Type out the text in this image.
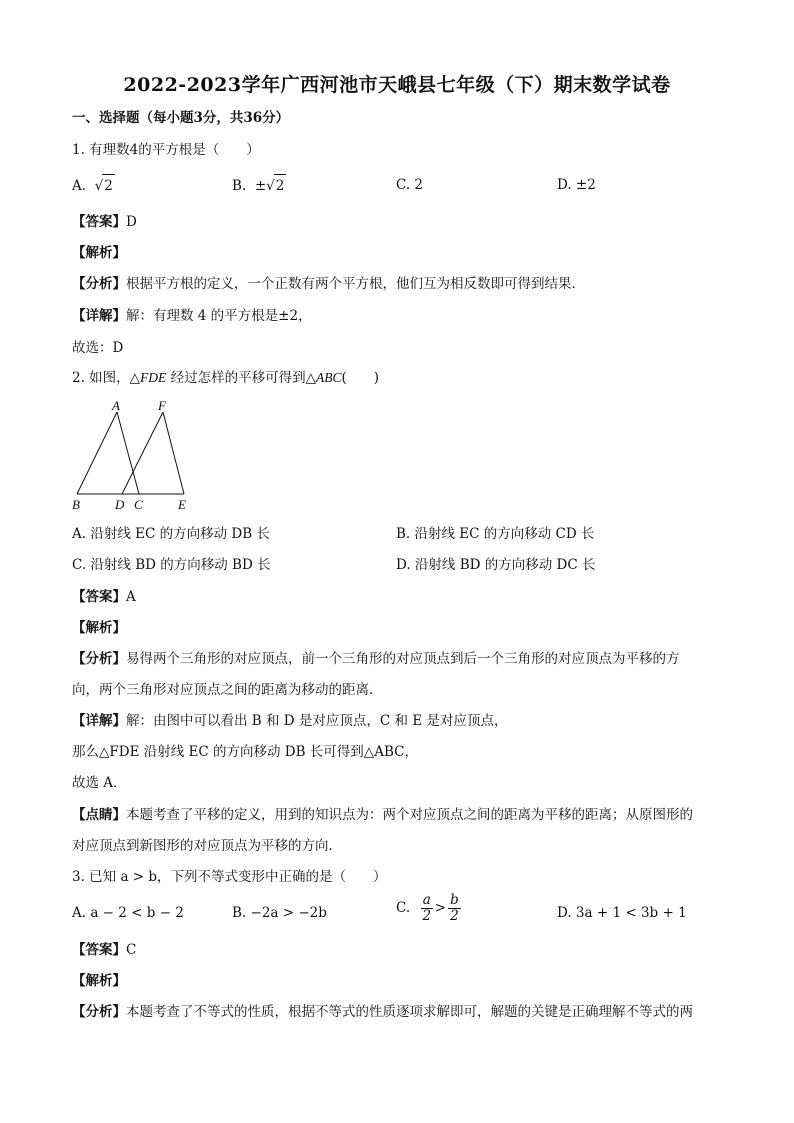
2022-2023学年广西河池市天峨县七年级（下）期末数学试卷
一、选择题（每小题3分，共36分）
1. 有理数4的平方根是（　　）
A.  √2	B. ±√2	C. 2	D. ±2
【答案】D
【解析】
【分析】根据平方根的定义，一个正数有两个平方根，他们互为相反数即可得到结果．
【详解】解：有理数 4 的平方根是±2，
故选：D
2. 如图，△FDE 经过怎样的平移可得到△ABC(　　)
A	F
B	D C	E
A. 沿射线 EC 的方向移动 DB 长	B. 沿射线 EC 的方向移动 CD 长
C. 沿射线 BD 的方向移动 BD 长	D. 沿射线 BD 的方向移动 DC 长
【答案】A
【解析】
【分析】易得两个三角形的对应顶点，前一个三角形的对应顶点到后一个三角形的对应顶点为平移的方
向，两个三角形对应顶点之间的距离为移动的距离．
【详解】解：由图中可以看出 B 和 D 是对应顶点，C 和 E 是对应顶点，
那么△FDE 沿射线 EC 的方向移动 DB 长可得到△ABC，
故选 A．
【点睛】本题考查了平移的定义，用到的知识点为：两个对应顶点之间的距离为平移的距离；从原图形的
对应顶点到新图形的对应顶点为平移的方向．
3. 已知 a > b，下列不等式变形中正确的是（　　）
A. a − 2 < b − 2	B. −2a > −2b	C. $\frac{a}{2} > \frac{b}{2}$	D. 3a + 1 < 3b + 1
【答案】C
【解析】
【分析】本题考查了不等式的性质，根据不等式的性质逐项求解即可，解题的关键是正确理解不等式的两
